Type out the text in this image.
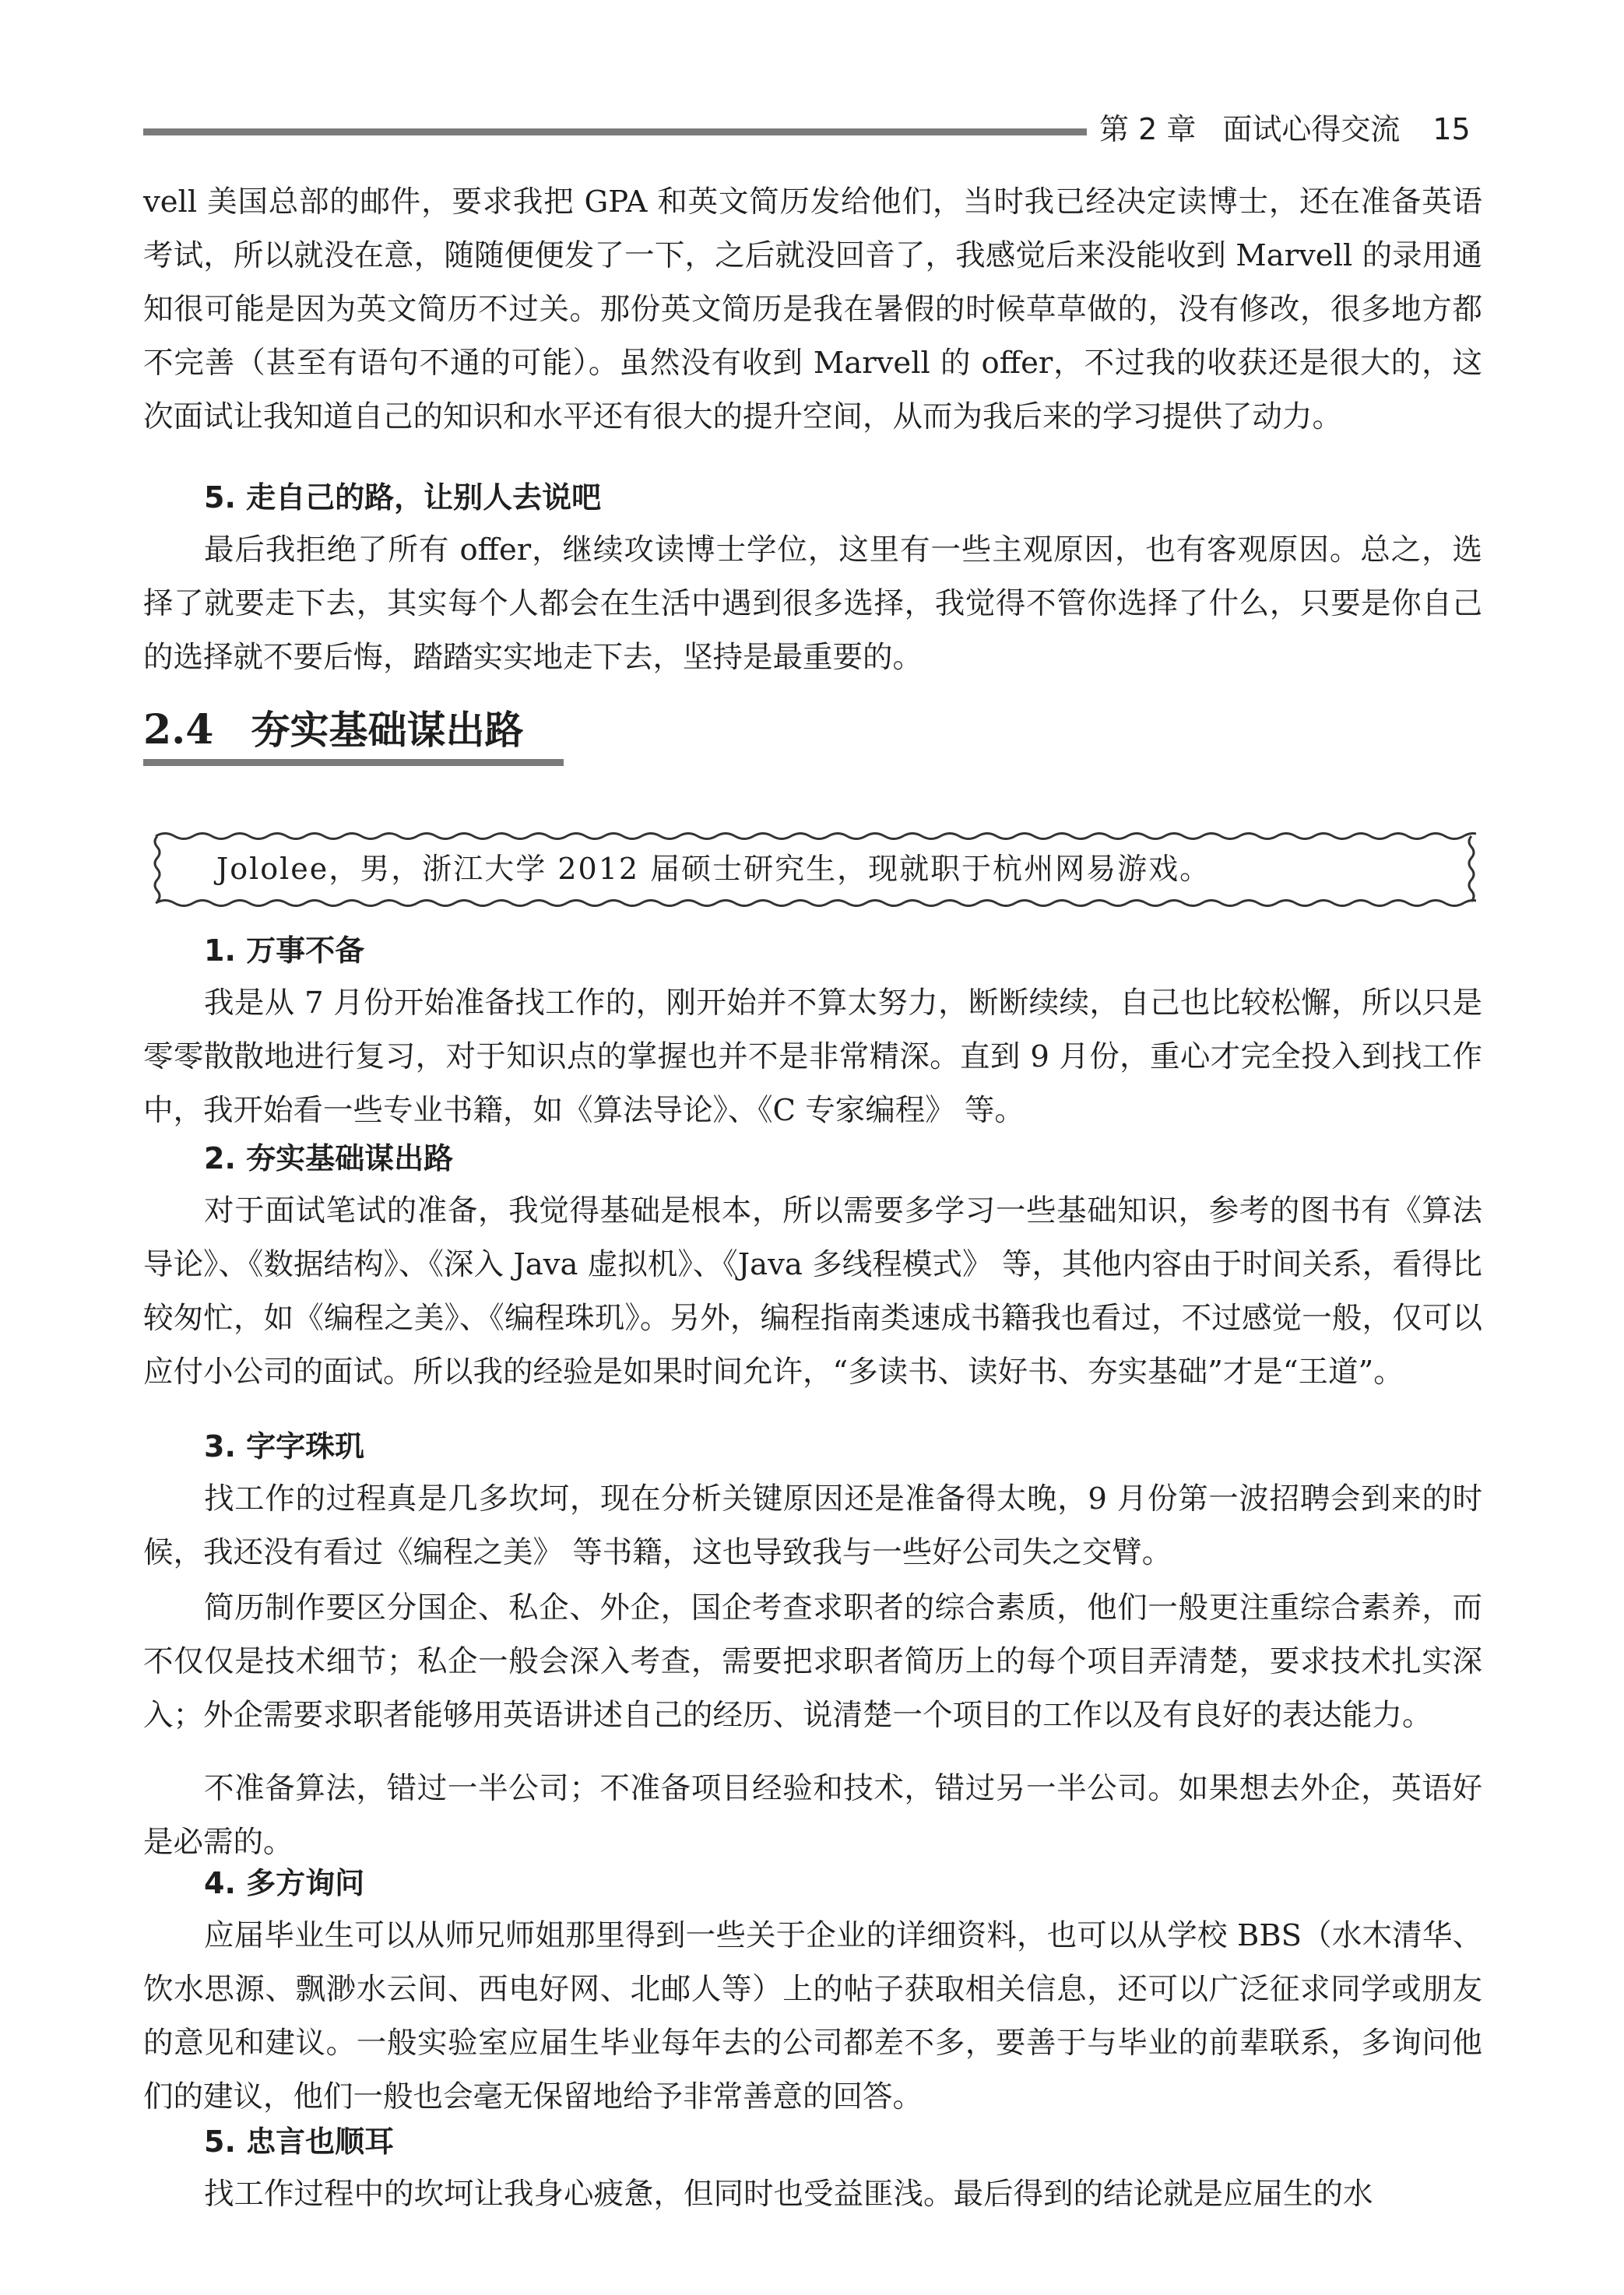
第 2 章 面试心得交流 15

vell 美国总部的邮件，要求我把 GPA 和英文简历发给他们，当时我已经决定读博士，还在准备英语考试，所以就没在意，随随便便发了一下，之后就没回音了，我感觉后来没能收到 Marvell 的录用通知很可能是因为英文简历不过关。那份英文简历是我在暑假的时候草草做的，没有修改，很多地方都不完善（甚至有语句不通的可能）。虽然没有收到 Marvell 的 offer，不过我的收获还是很大的，这次面试让我知道自己的知识和水平还有很大的提升空间，从而为我后来的学习提供了动力。

5. 走自己的路，让别人去说吧

最后我拒绝了所有 offer，继续攻读博士学位，这里有一些主观原因，也有客观原因。总之，选择了就要走下去，其实每个人都会在生活中遇到很多选择，我觉得不管你选择了什么，只要是你自己的选择就不要后悔，踏踏实实地走下去，坚持是最重要的。

2.4 夯实基础谋出路
Jololee，男，浙江大学 2012 届硕士研究生，现就职于杭州网易游戏。
1. 万事不备

我是从 7 月份开始准备找工作的，刚开始并不算太努力，断断续续，自己也比较松懈，所以只是零零散散地进行复习，对于知识点的掌握也并不是非常精深。直到 9 月份，重心才完全投入到找工作中，我开始看一些专业书籍，如《算法导论》、《C 专家编程》 等。

2. 夯实基础谋出路

对于面试笔试的准备，我觉得基础是根本，所以需要多学习一些基础知识，参考的图书有《算法导论》、《数据结构》、《深入 Java 虚拟机》、《Java 多线程模式》 等，其他内容由于时间关系，看得比较匆忙，如《编程之美》、《编程珠玑》。另外，编程指南类速成书籍我也看过，不过感觉一般，仅可以应付小公司的面试。所以我的经验是如果时间允许，“多读书、读好书、夯实基础”才是“王道”。

3. 字字珠玑

找工作的过程真是几多坎坷，现在分析关键原因还是准备得太晚，9 月份第一波招聘会到来的时候，我还没有看过《编程之美》 等书籍，这也导致我与一些好公司失之交臂。

简历制作要区分国企、私企、外企，国企考查求职者的综合素质，他们一般更注重综合素养，而不仅仅是技术细节；私企一般会深入考查，需要把求职者简历上的每个项目弄清楚，要求技术扎实深入；外企需要求职者能够用英语讲述自己的经历、说清楚一个项目的工作以及有良好的表达能力。

不准备算法，错过一半公司；不准备项目经验和技术，错过另一半公司。如果想去外企，英语好是必需的。

4. 多方询问

应届毕业生可以从师兄师姐那里得到一些关于企业的详细资料，也可以从学校 BBS（水木清华、饮水思源、飘渺水云间、西电好网、北邮人等）上的帖子获取相关信息，还可以广泛征求同学或朋友的意见和建议。一般实验室应届生毕业每年去的公司都差不多，要善于与毕业的前辈联系，多询问他们的建议，他们一般也会毫无保留地给予非常善意的回答。

5. 忠言也顺耳

找工作过程中的坎坷让我身心疲惫，但同时也受益匪浅。最后得到的结论就是应届生的水
